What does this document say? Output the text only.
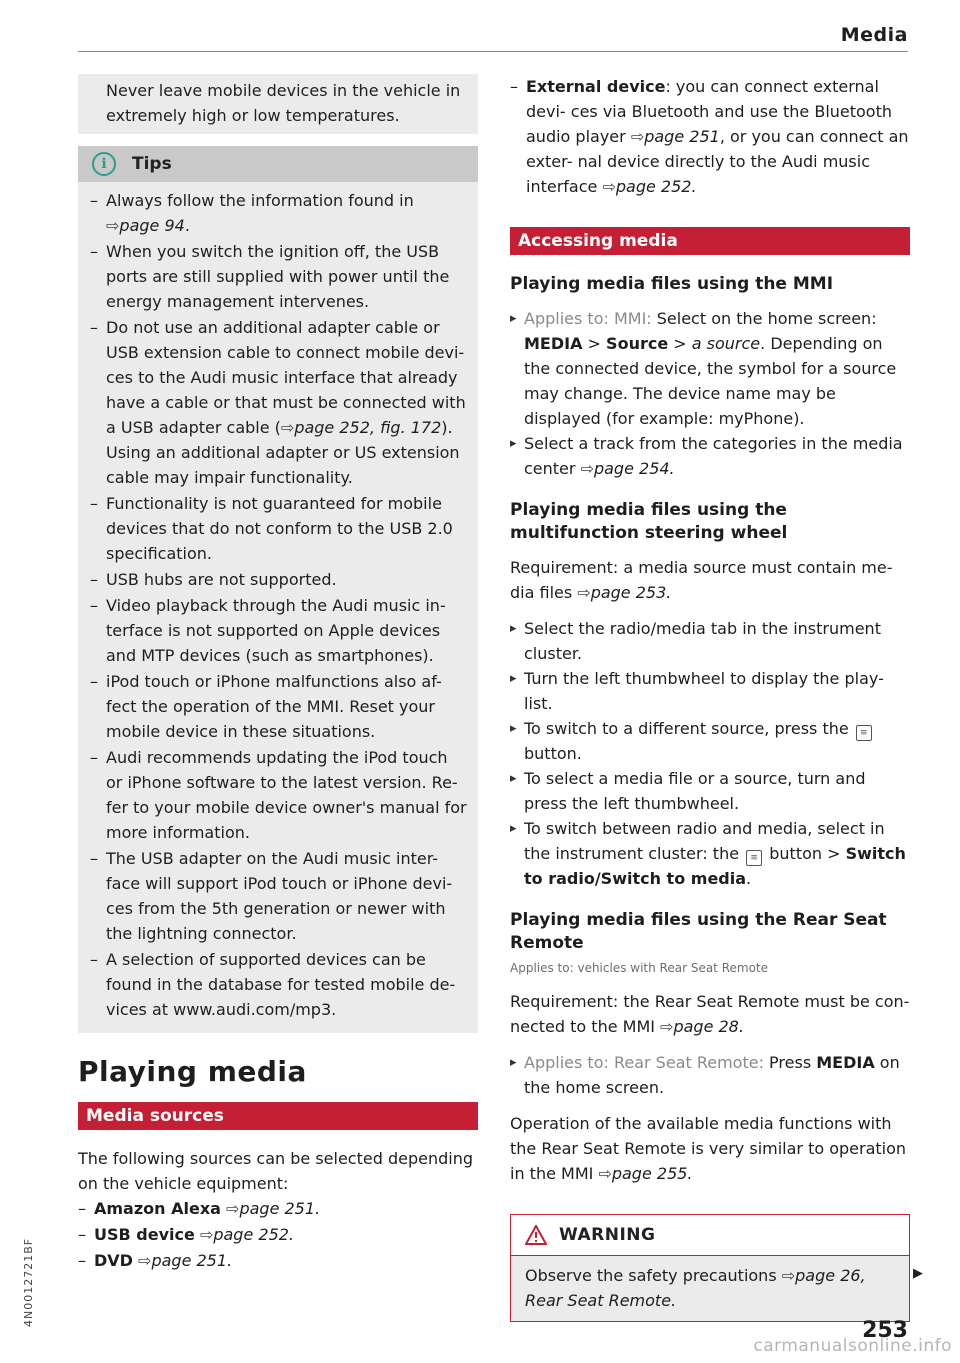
Media
Never leave mobile devices in the vehicle in extremely high or low temperatures.
i	Tips
– Always follow the information found in
⇨page 94.
– When you switch the ignition off, the USB ports are still supplied with power until the energy management intervenes.
– Do not use an additional adapter cable or USB extension cable to connect mobile devi- ces to the Audi music interface that already have a cable or that must be connected with a USB adapter cable (⇨page 252, fig. 172). Using an additional adapter or US extension cable may impair functionality.
– Functionality is not guaranteed for mobile devices that do not conform to the USB 2.0 specification.
– USB hubs are not supported.
– Video playback through the Audi music in- terface is not supported on Apple devices and MTP devices (such as smartphones).
– iPod touch or iPhone malfunctions also af- fect the operation of the MMI. Reset your mobile device in these situations.
– Audi recommends updating the iPod touch or iPhone software to the latest version. Re- fer to your mobile device owner's manual for more information.
– The USB adapter on the Audi music inter- face will support iPod touch or iPhone devi- ces from the 5th generation or newer with the lightning connector.
– A selection of supported devices can be found in the database for tested mobile de- vices at www.audi.com/mp3.
Playing media
Media sources

The following sources can be selected depending on the vehicle equipment:

– Amazon Alexa ⇨page 251.
– USB device ⇨page 252.
– DVD ⇨page 251.
– External device: you can connect external devi- ces via Bluetooth and use the Bluetooth audio player ⇨page 251, or you can connect an exter- nal device directly to the Audi music interface ⇨page 252.
Accessing media
Playing media files using the MMI
▸ Applies to: MMI: Select on the home screen: MEDIA > Source > a source. Depending on the connected device, the symbol for a source may change. The device name may be displayed (for example: myPhone).
▸ Select a track from the categories in the media center ⇨page 254.
Playing media files using the multifunction steering wheel

Requirement: a media source must contain me- dia files ⇨page 253.

▸ Select the radio/media tab in the instrument cluster.
▸ Turn the left thumbwheel to display the play- list.
▸ To switch to a different source, press the ≡ button.
▸ To select a media file or a source, turn and press the left thumbwheel.
▸ To switch between radio and media, select in the instrument cluster: the ≡ button > Switch to radio/Switch to media.
Playing media files using the Rear Seat Remote
Applies to: vehicles with Rear Seat Remote

Requirement: the Rear Seat Remote must be con- nected to the MMI ⇨page 28.

▸ Applies to: Rear Seat Remote: Press MEDIA on the home screen.

Operation of the available media functions with the Rear Seat Remote is very similar to operation in the MMI ⇨page 255.

WARNING
Observe the safety precautions ⇨page 26, Rear Seat Remote.
▶
253
4N0012721BF
carmanualsonline.info
